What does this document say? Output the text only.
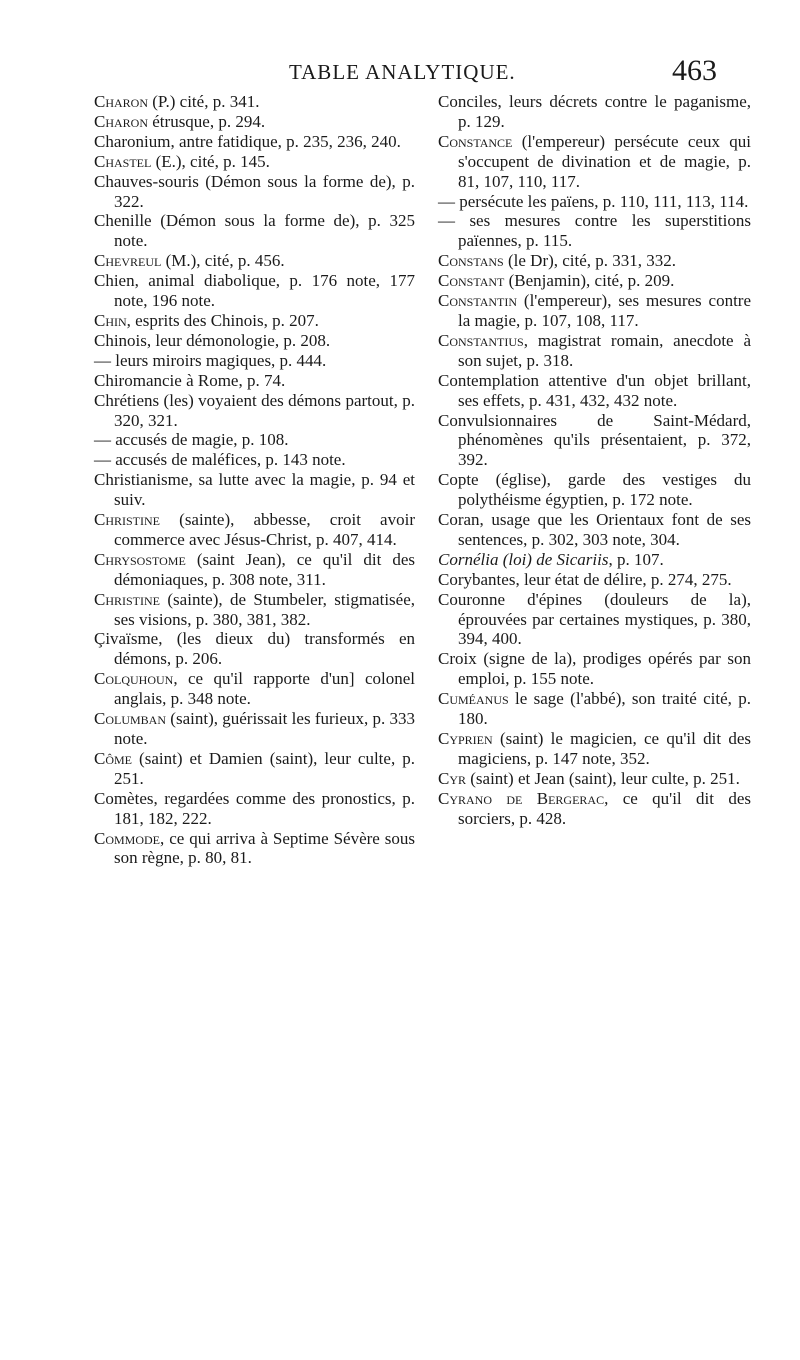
TABLE ANALYTIQUE.	463

Charon (P.) cité, p. 341.

Charon étrusque, p. 294.

Charonium, antre fatidique, p. 235, 236, 240.

Chastel (E.), cité, p. 145.

Chauves-souris (Démon sous la forme de), p. 322.

Chenille (Démon sous la forme de), p. 325 note.

Chevreul (M.), cité, p. 456.

Chien, animal diabolique, p. 176 note, 177 note, 196 note.

Chin, esprits des Chinois, p. 207.

Chinois, leur démonologie, p. 208.

— leurs miroirs magiques, p. 444.

Chiromancie à Rome, p. 74.

Chrétiens (les) voyaient des démons partout, p. 320, 321.

— accusés de magie, p. 108.

— accusés de maléfices, p. 143 note.

Christianisme, sa lutte avec la magie, p. 94 et suiv.

Christine (sainte), abbesse, croit avoir commerce avec Jésus-Christ, p. 407, 414.

Chrysostome (saint Jean), ce qu'il dit des démoniaques, p. 308 note, 311.

Christine (sainte), de Stumbeler, stigmatisée, ses visions, p. 380, 381, 382.

Çivaïsme, (les dieux du) transformés en démons, p. 206.

Colquhoun, ce qu'il rapporte d'un] colonel anglais, p. 348 note.

Columban (saint), guérissait les furieux, p. 333 note.

Côme (saint) et Damien (saint), leur culte, p. 251.

Comètes, regardées comme des pronostics, p. 181, 182, 222.

Commode, ce qui arriva à Septime Sévère sous son règne, p. 80, 81.

Conciles, leurs décrets contre le paganisme, p. 129.

Constance (l'empereur) persécute ceux qui s'occupent de divination et de magie, p. 81, 107, 110, 117.

— persécute les païens, p. 110, 111, 113, 114.

— ses mesures contre les superstitions païennes, p. 115.

Constans (le Dr), cité, p. 331, 332.

Constant (Benjamin), cité, p. 209.

Constantin (l'empereur), ses mesures contre la magie, p. 107, 108, 117.

Constantius, magistrat romain, anecdote à son sujet, p. 318.

Contemplation attentive d'un objet brillant, ses effets, p. 431, 432, 432 note.

Convulsionnaires de Saint-Médard, phénomènes qu'ils présentaient, p. 372, 392.

Copte (église), garde des vestiges du polythéisme égyptien, p. 172 note.

Coran, usage que les Orientaux font de ses sentences, p. 302, 303 note, 304.

Cornélia (loi) de Sicariis, p. 107.

Corybantes, leur état de délire, p. 274, 275.

Couronne d'épines (douleurs de la), éprouvées par certaines mystiques, p. 380, 394, 400.

Croix (signe de la), prodiges opérés par son emploi, p. 155 note.

Cuméanus le sage (l'abbé), son traité cité, p. 180.

Cyprien (saint) le magicien, ce qu'il dit des magiciens, p. 147 note, 352.

Cyr (saint) et Jean (saint), leur culte, p. 251.

Cyrano de Bergerac, ce qu'il dit des sorciers, p. 428.
